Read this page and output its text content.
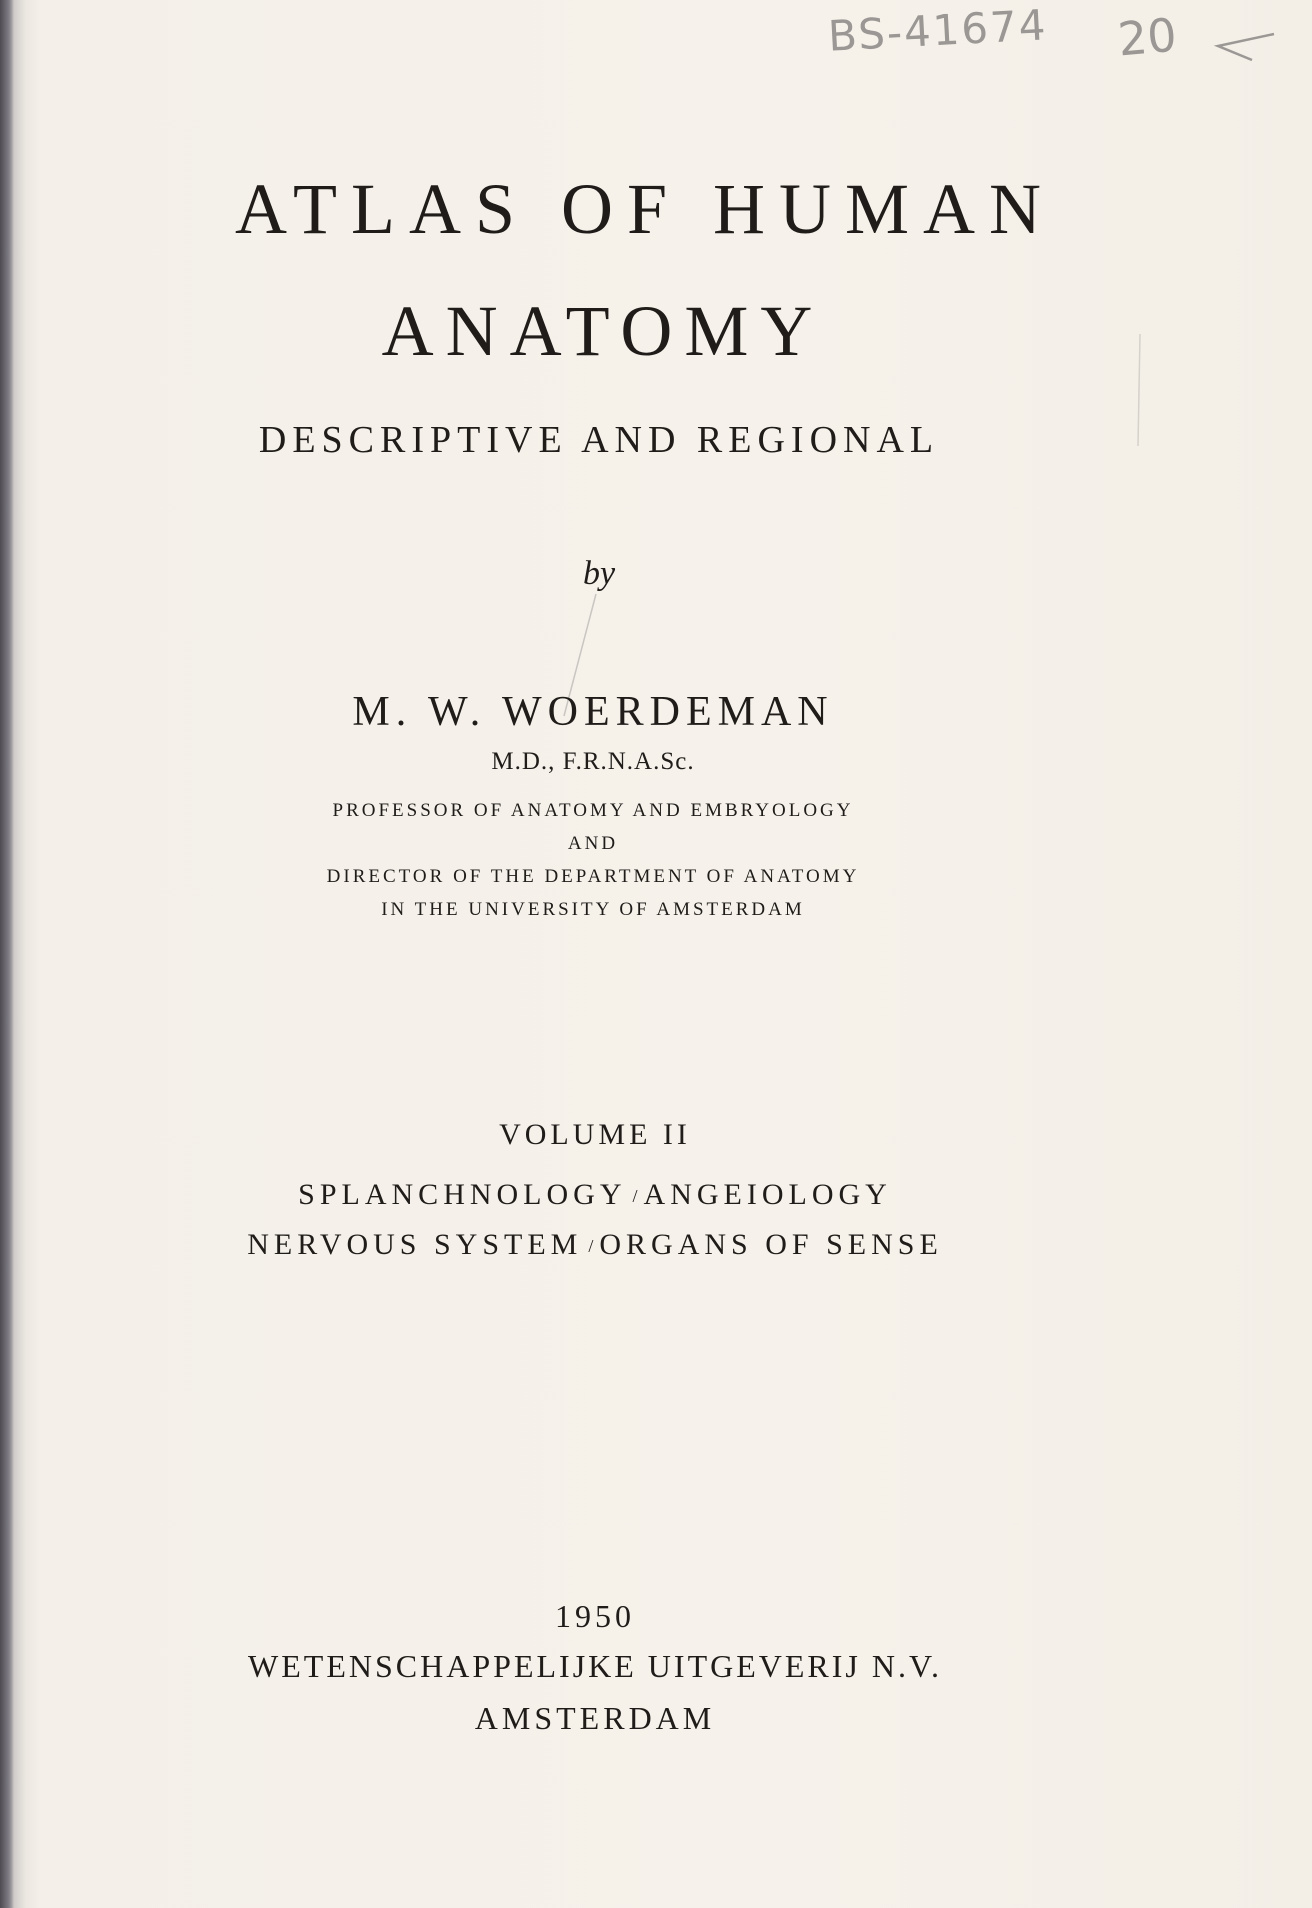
BS-41674 20
ATLAS OF HUMAN
ANATOMY
DESCRIPTIVE AND REGIONAL
by
M. W. WOERDEMAN
M.D., F.R.N.A.Sc.
PROFESSOR OF ANATOMY AND EMBRYOLOGY
AND
DIRECTOR OF THE DEPARTMENT OF ANATOMY
IN THE UNIVERSITY OF AMSTERDAM
VOLUME II
SPLANCHNOLOGY / ANGEIOLOGY
NERVOUS SYSTEM / ORGANS OF SENSE
1950
WETENSCHAPPELIJKE UITGEVERIJ N.V.
AMSTERDAM
